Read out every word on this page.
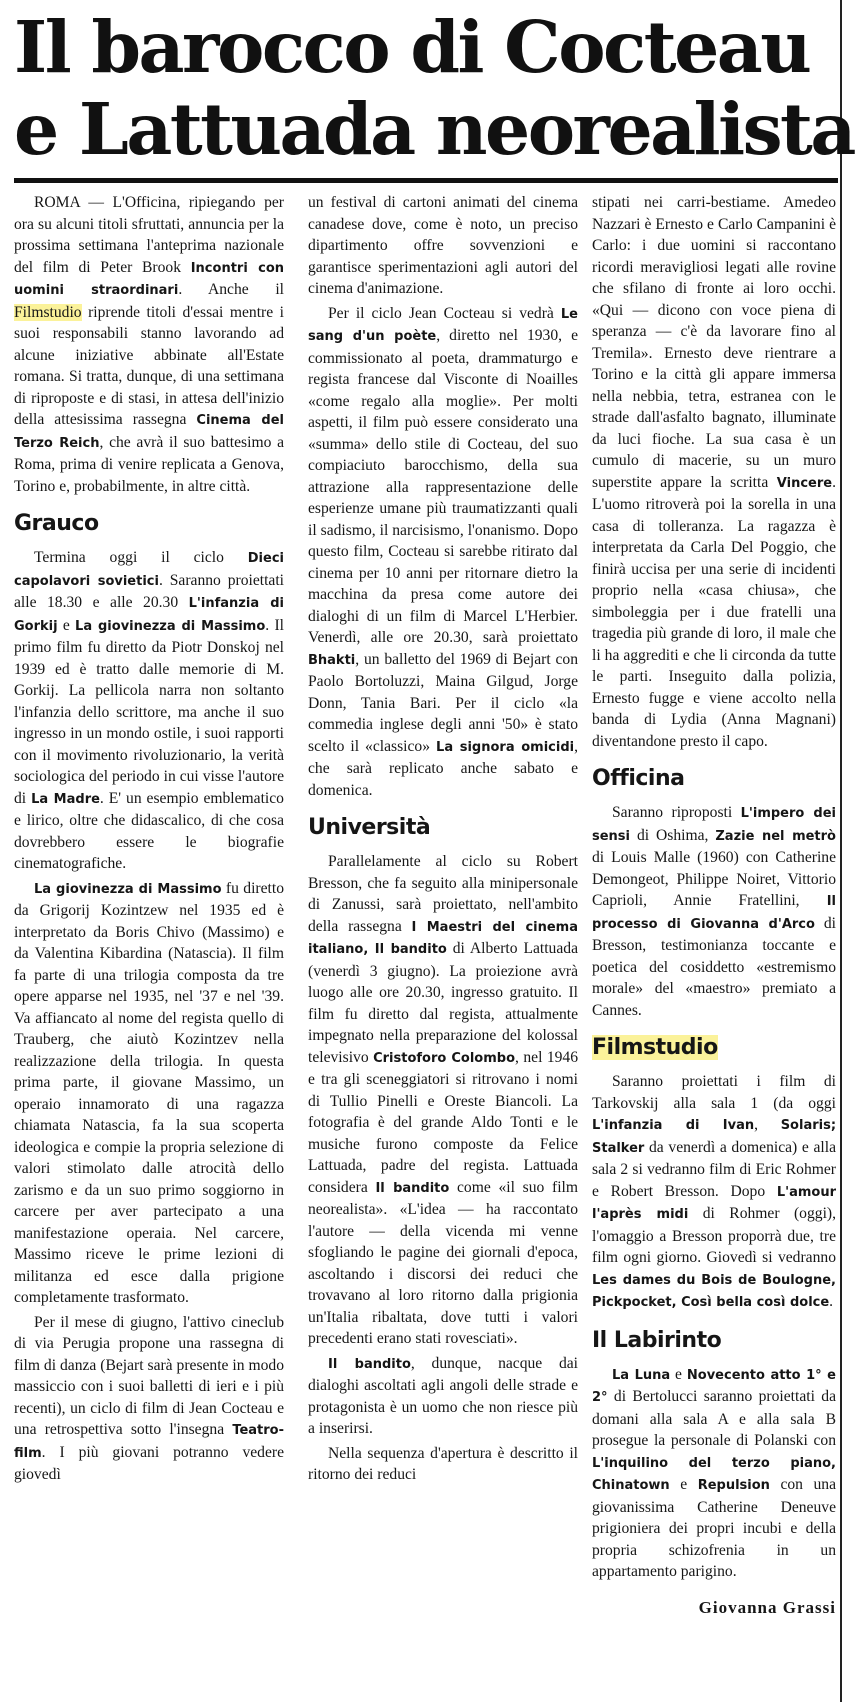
Il barocco di Cocteau
e Lattuada neorealista

ROMA — L'Officina, ripiegando per ora su alcuni titoli sfruttati, annuncia per la prossima settimana l'anteprima nazionale del film di Peter Brook Incontri con uomini straordinari. Anche il Filmstudio riprende titoli d'essai mentre i suoi responsabili stanno lavorando ad alcune iniziative abbinate all'Estate romana. Si tratta, dunque, di una settimana di riproposte e di stasi, in attesa dell'inizio della attesissima rassegna Cinema del Terzo Reich, che avrà il suo battesimo a Roma, prima di venire replicata a Genova, Torino e, probabilmente, in altre città.

Grauco

Termina oggi il ciclo Dieci capolavori sovietici. Saranno proiettati alle 18.30 e alle 20.30 L'infanzia di Gorkij e La giovinezza di Massimo. Il primo film fu diretto da Piotr Donskoj nel 1939 ed è tratto dalle memorie di M. Gorkij. La pellicola narra non soltanto l'infanzia dello scrittore, ma anche il suo ingresso in un mondo ostile, i suoi rapporti con il movimento rivoluzionario, la verità sociologica del periodo in cui visse l'autore di La Madre. E' un esempio emblematico e lirico, oltre che didascalico, di che cosa dovrebbero essere le biografie cinematografiche.

La giovinezza di Massimo fu diretto da Grigorij Kozintzew nel 1935 ed è interpretato da Boris Chivo (Massimo) e da Valentina Kibardina (Natascia). Il film fa parte di una trilogia composta da tre opere apparse nel 1935, nel '37 e nel '39. Va affiancato al nome del regista quello di Trauberg, che aiutò Kozintzev nella realizzazione della trilogia. In questa prima parte, il giovane Massimo, un operaio innamorato di una ragazza chiamata Natascia, fa la sua scoperta ideologica e compie la propria selezione di valori stimolato dalle atrocità dello zarismo e da un suo primo soggiorno in carcere per aver partecipato a una manifestazione operaia. Nel carcere, Massimo riceve le prime lezioni di militanza ed esce dalla prigione completamente trasformato.

Per il mese di giugno, l'attivo cineclub di via Perugia propone una rassegna di film di danza (Bejart sarà presente in modo massiccio con i suoi balletti di ieri e i più recenti), un ciclo di film di Jean Cocteau e una retrospettiva sotto l'insegna Teatro-film. I più giovani potranno vedere giovedì

un festival di cartoni animati del cinema canadese dove, come è noto, un preciso dipartimento offre sovvenzioni e garantisce sperimentazioni agli autori del cinema d'animazione.

Per il ciclo Jean Cocteau si vedrà Le sang d'un poète, diretto nel 1930, e commissionato al poeta, drammaturgo e regista francese dal Visconte di Noailles «come regalo alla moglie». Per molti aspetti, il film può essere considerato una «summa» dello stile di Cocteau, del suo compiaciuto barocchismo, della sua attrazione alla rappresentazione delle esperienze umane più traumatizzanti quali il sadismo, il narcisismo, l'onanismo. Dopo questo film, Cocteau si sarebbe ritirato dal cinema per 10 anni per ritornare dietro la macchina da presa come autore dei dialoghi di un film di Marcel L'Herbier. Venerdì, alle ore 20.30, sarà proiettato Bhakti, un balletto del 1969 di Bejart con Paolo Bortoluzzi, Maina Gilgud, Jorge Donn, Tania Bari. Per il ciclo «la commedia inglese degli anni '50» è stato scelto il «classico» La signora omicidi, che sarà replicato anche sabato e domenica.

Università

Parallelamente al ciclo su Robert Bresson, che fa seguito alla minipersonale di Zanussi, sarà proiettato, nell'ambito della rassegna I Maestri del cinema italiano, Il bandito di Alberto Lattuada (venerdì 3 giugno). La proiezione avrà luogo alle ore 20.30, ingresso gratuito. Il film fu diretto dal regista, attualmente impegnato nella preparazione del kolossal televisivo Cristoforo Colombo, nel 1946 e tra gli sceneggiatori si ritrovano i nomi di Tullio Pinelli e Oreste Biancoli. La fotografia è del grande Aldo Tonti e le musiche furono composte da Felice Lattuada, padre del regista. Lattuada considera Il bandito come «il suo film neorealista». «L'idea — ha raccontato l'autore — della vicenda mi venne sfogliando le pagine dei giornali d'epoca, ascoltando i discorsi dei reduci che trovavano al loro ritorno dalla prigionia un'Italia ribaltata, dove tutti i valori precedenti erano stati rovesciati».

Il bandito, dunque, nacque dai dialoghi ascoltati agli angoli delle strade e protagonista è un uomo che non riesce più a inserirsi.

Nella sequenza d'apertura è descritto il ritorno dei reduci

stipati nei carri-bestiame. Amedeo Nazzari è Ernesto e Carlo Campanini è Carlo: i due uomini si raccontano ricordi meravigliosi legati alle rovine che sfilano di fronte ai loro occhi. «Qui — dicono con voce piena di speranza — c'è da lavorare fino al Tremila». Ernesto deve rientrare a Torino e la città gli appare immersa nella nebbia, tetra, estranea con le strade dall'asfalto bagnato, illuminate da luci fioche. La sua casa è un cumulo di macerie, su un muro superstite appare la scritta Vincere. L'uomo ritroverà poi la sorella in una casa di tolleranza. La ragazza è interpretata da Carla Del Poggio, che finirà uccisa per una serie di incidenti proprio nella «casa chiusa», che simboleggia per i due fratelli una tragedia più grande di loro, il male che li ha aggrediti e che li circonda da tutte le parti. Inseguito dalla polizia, Ernesto fugge e viene accolto nella banda di Lydia (Anna Magnani) diventandone presto il capo.

Officina

Saranno riproposti L'impero dei sensi di Oshima, Zazie nel metrò di Louis Malle (1960) con Catherine Demongeot, Philippe Noiret, Vittorio Caprioli, Annie Fratellini, Il processo di Giovanna d'Arco di Bresson, testimonianza toccante e poetica del cosiddetto «estremismo morale» del «maestro» premiato a Cannes.

Filmstudio

Saranno proiettati i film di Tarkovskij alla sala 1 (da oggi L'infanzia di Ivan, Solaris; Stalker da venerdì a domenica) e alla sala 2 si vedranno film di Eric Rohmer e Robert Bresson. Dopo L'amour l'après midi di Rohmer (oggi), l'omaggio a Bresson proporrà due, tre film ogni giorno. Giovedì si vedranno Les dames du Bois de Boulogne, Pickpocket, Così bella così dolce.

Il Labirinto

La Luna e Novecento atto 1° e 2° di Bertolucci saranno proiettati da domani alla sala A e alla sala B prosegue la personale di Polanski con L'inquilino del terzo piano, Chinatown e Repulsion con una giovanissima Catherine Deneuve prigioniera dei propri incubi e della propria schizofrenia in un appartamento parigino.

Giovanna Grassi
